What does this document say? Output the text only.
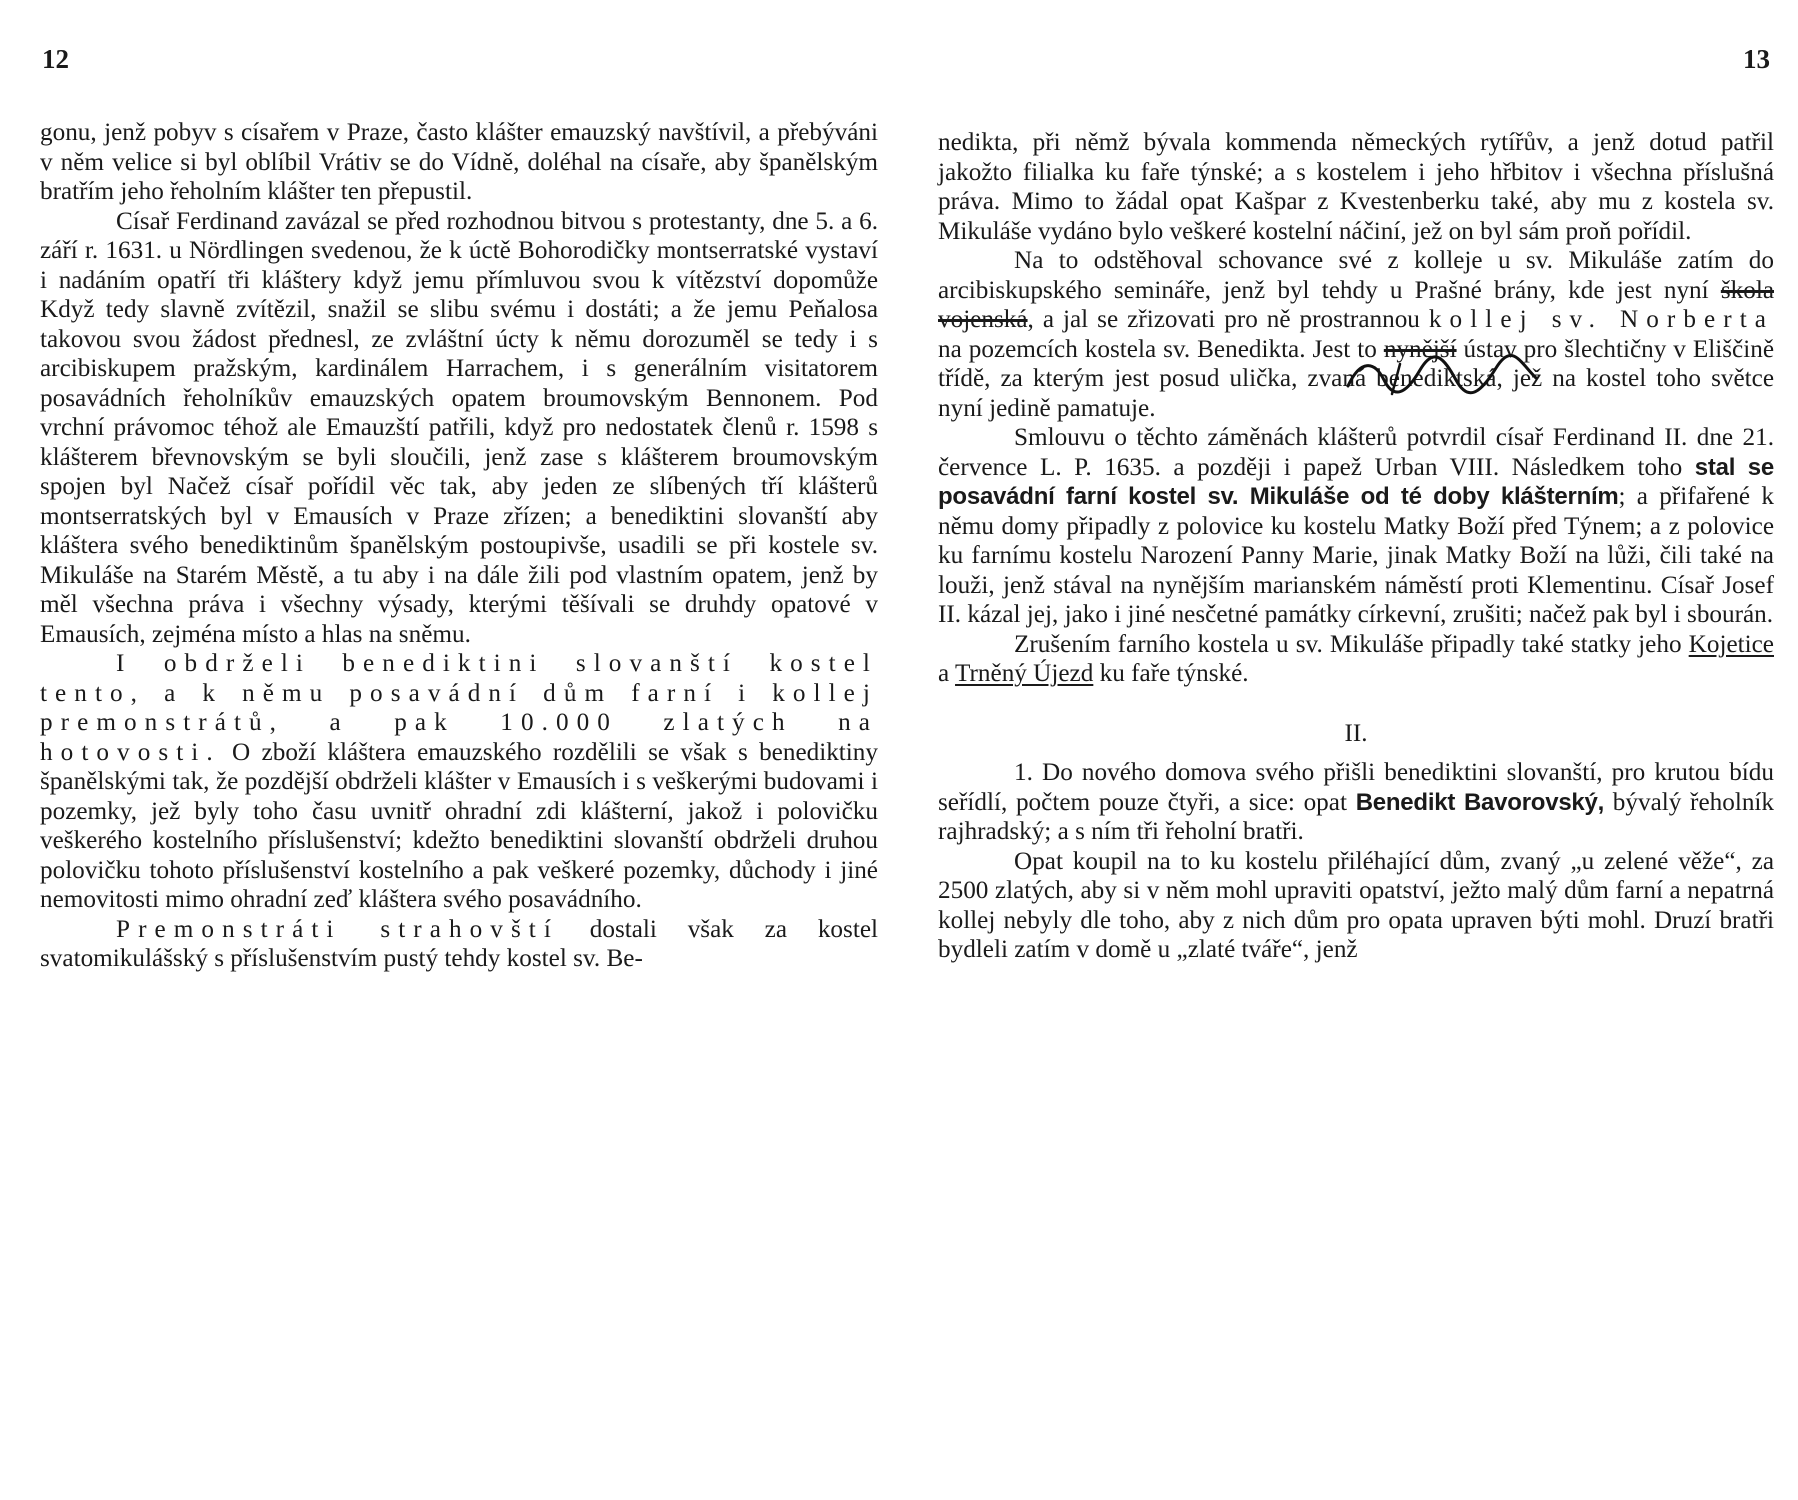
12	13

gonu, jenž pobyv s císařem v Praze, často klášter emauzský navštívil, a přebýváni v něm velice si byl oblíbil Vrátiv se do Vídně, doléhal na císaře, aby španělským bratřím jeho řeholním klášter ten přepustil.

Císař Ferdinand zavázal se před rozhodnou bitvou s protestanty, dne 5. a 6. září r. 1631. u Nördlingen svedenou, že k úctě Bohorodičky montserratské vystaví i nadáním opatří tři kláštery když jemu přímluvou svou k vítězství dopomůže Když tedy slavně zvítězil, snažil se slibu svému i dostáti; a že jemu Peňalosa takovou svou žádost přednesl, ze zvláštní úcty k němu dorozuměl se tedy i s arcibiskupem pražským, kardinálem Harrachem, i s generálním visitatorem posavádních řeholníkův emauzských opatem broumovským Bennonem. Pod vrchní právomoc téhož ale Emauzští patřili, když pro nedostatek členů r. 1598 s klášterem břevnovským se byli sloučili, jenž zase s klášterem broumovským spojen byl Načež císař pořídil věc tak, aby jeden ze slíbených tří klášterů montserratských byl v Emausích v Praze zřízen; a benediktini slovanští aby kláštera svého benediktinům španělským postoupivše, usadili se při kostele sv. Mikuláše na Starém Městě, a tu aby i na dále žili pod vlastním opatem, jenž by měl všechna práva i všechny výsady, kterými těšívali se druhdy opatové v Emausích, zejména místo a hlas na sněmu.

I obdrželi benediktini slovanští kostel tento, a k němu posavádní dům farní i kollej premonstrátů, a pak 10.000 zlatých na hotovosti. O zboží kláštera emauzského rozdělili se však s benediktiny španělskými tak, že pozdější obdrželi klášter v Emausích i s veškerými budovami i pozemky, jež byly toho času uvnitř ohradní zdi klášterní, jakož i polovičku veškerého kostelního příslušenství; kdežto benediktini slovanští obdrželi druhou polovičku tohoto příslušenství kostelního a pak veškeré pozemky, důchody i jiné nemovitosti mimo ohradní zeď kláštera svého posavádního.

Premonstráti strahovští dostali však za kostel svatomikulášský s příslušenstvím pustý tehdy kostel sv. Be-

nedikta, při němž bývala kommenda německých rytířův, a jenž dotud patřil jakožto filialka ku faře týnské; a s kostelem i jeho hřbitov i všechna příslušná práva. Mimo to žádal opat Kašpar z Kvestenberku také, aby mu z kostela sv. Mikuláše vydáno bylo veškeré kostelní náčiní, jež on byl sám proň pořídil.

Na to odstěhoval schovance své z kolleje u sv. Mikuláše zatím do arcibiskupského semináře, jenž byl tehdy u Prašné brány, kde jest nyní škola vojenská, a jal se zřizovati pro ně prostrannou kollej sv. Norberta na pozemcích kostela sv. Benedikta. Jest to nynější ústav pro šlechtičny v Eliščině třídě, za kterým jest posud ulička, zvaná benediktská, jež na kostel toho světce nyní jedině pamatuje.

Smlouvu o těchto záměnách klášterů potvrdil císař Ferdinand II. dne 21. července L. P. 1635. a později i papež Urban VIII. Následkem toho stal se posavádní farní kostel sv. Mikuláše od té doby klášterním; a přifařené k němu domy připadly z polovice ku kostelu Matky Boží před Týnem; a z polovice ku farnímu kostelu Narození Panny Marie, jinak Matky Boží na lůži, čili také na louži, jenž stával na nynějším marianském náměstí proti Klementinu. Císař Josef II. kázal jej, jako i jiné nesčetné památky církevní, zrušiti; načež pak byl i sbourán.

Zrušením farního kostela u sv. Mikuláše připadly také statky jeho Kojetice a Trněný Újezd ku faře týnské.

II.

1. Do nového domova svého přišli benediktini slovanští, pro krutou bídu seřídlí, počtem pouze čtyři, a sice: opat Benedikt Bavorovský, bývalý řeholník rajhradský; a s ním tři řeholní bratři.

Opat koupil na to ku kostelu přiléhající dům, zvaný „u zelené věže“, za 2500 zlatých, aby si v něm mohl upraviti opatství, ježto malý dům farní a nepatrná kollej nebyly dle toho, aby z nich dům pro opata upraven býti mohl. Druzí bratři bydleli zatím v domě u „zlaté tváře“, jenž
